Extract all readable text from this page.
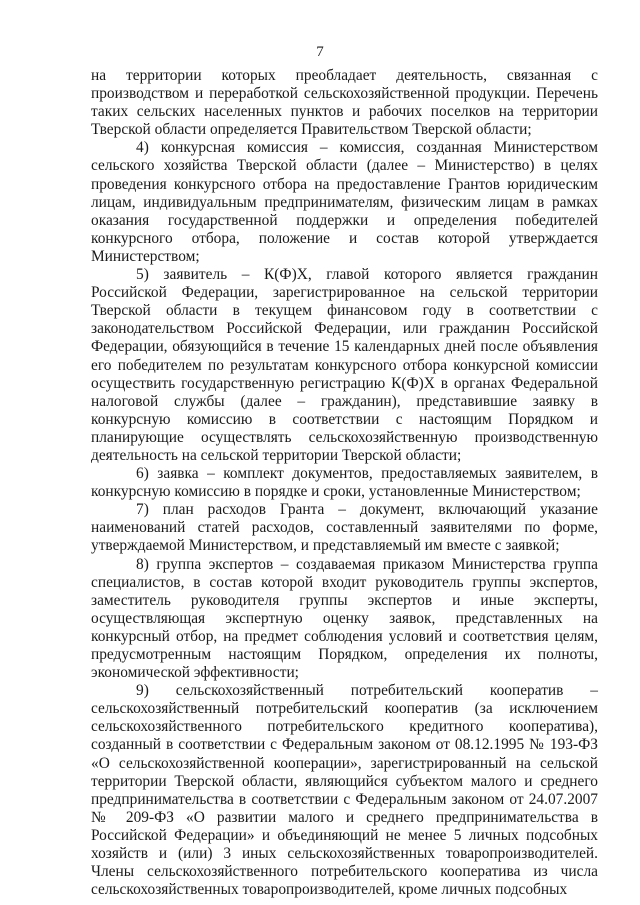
7

на территории которых преобладает деятельность, связанная с производством и переработкой сельскохозяйственной продукции. Перечень таких сельских населенных пунктов и рабочих поселков на территории Тверской области определяется Правительством Тверской области;

4) конкурсная комиссия – комиссия, созданная Министерством сельского хозяйства Тверской области (далее – Министерство) в целях проведения конкурсного отбора на предоставление Грантов юридическим лицам, индивидуальным предпринимателям, физическим лицам в рамках оказания государственной поддержки и определения победителей конкурсного отбора, положение и состав которой утверждается Министерством;

5) заявитель – К(Ф)Х, главой которого является гражданин Российской Федерации, зарегистрированное на сельской территории Тверской области в текущем финансовом году в соответствии с законодательством Российской Федерации, или гражданин Российской Федерации, обязующийся в течение 15 календарных дней после объявления его победителем по результатам конкурсного отбора конкурсной комиссии осуществить государственную регистрацию К(Ф)Х в органах Федеральной налоговой службы (далее – гражданин), представившие заявку в конкурсную комиссию в соответствии с настоящим Порядком и планирующие осуществлять сельскохозяйственную производственную деятельность на сельской территории Тверской области;

6) заявка – комплект документов, предоставляемых заявителем, в конкурсную комиссию в порядке и сроки, установленные Министерством;

7) план расходов Гранта – документ, включающий указание наименований статей расходов, составленный заявителями по форме, утверждаемой Министерством, и представляемый им вместе с заявкой;

8) группа экспертов – создаваемая приказом Министерства группа специалистов, в состав которой входит руководитель группы экспертов, заместитель руководителя группы экспертов и иные эксперты, осуществляющая экспертную оценку заявок, представленных на конкурсный отбор, на предмет соблюдения условий и соответствия целям, предусмотренным настоящим Порядком, определения их полноты, экономической эффективности;

9) сельскохозяйственный потребительский кооператив – сельскохозяйственный потребительский кооператив (за исключением сельскохозяйственного потребительского кредитного кооператива), созданный в соответствии с Федеральным законом от 08.12.1995 № 193-ФЗ «О сельскохозяйственной кооперации», зарегистрированный на сельской территории Тверской области, являющийся субъектом малого и среднего предпринимательства в соответствии с Федеральным законом от 24.07.2007 № 209-ФЗ «О развитии малого и среднего предпринимательства в Российской Федерации» и объединяющий не менее 5 личных подсобных хозяйств и (или) 3 иных сельскохозяйственных товаропроизводителей. Члены сельскохозяйственного потребительского кооператива из числа сельскохозяйственных товаропроизводителей, кроме личных подсобных
